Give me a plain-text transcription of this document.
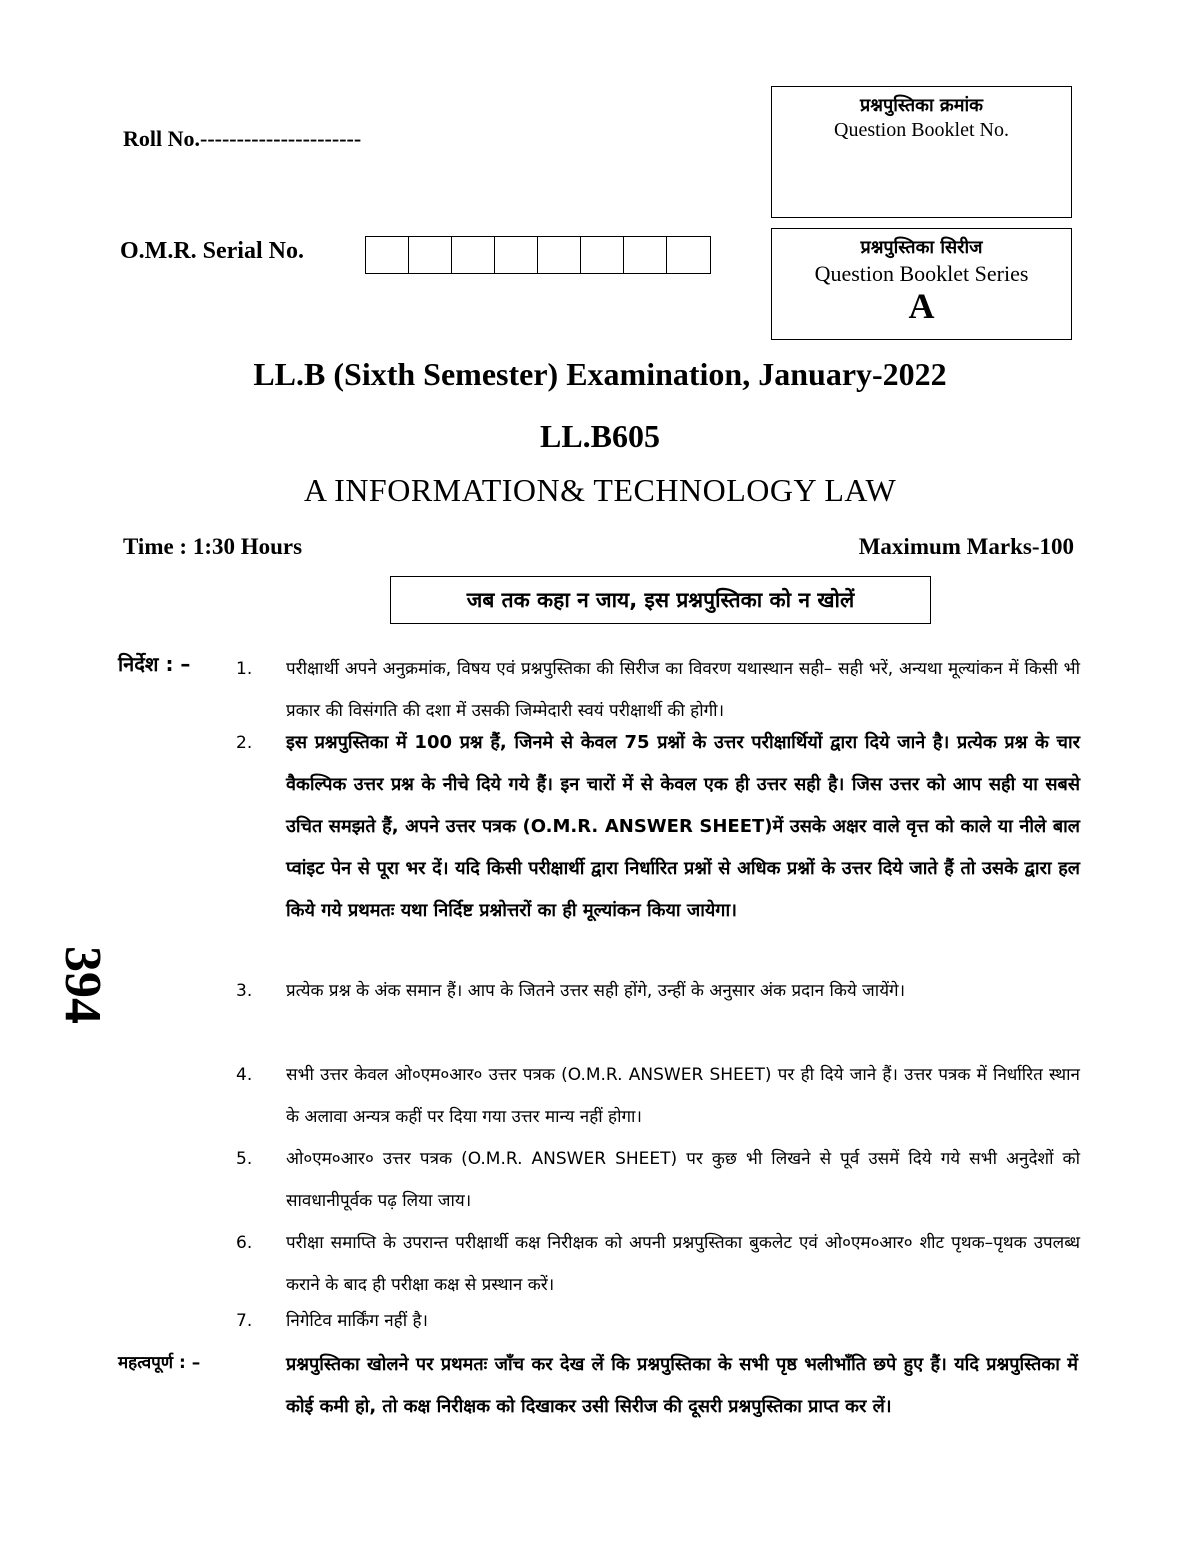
Roll No.----------------------
O.M.R. Serial No.
प्रश्नपुस्तिका क्रमांक
Question Booklet No.
प्रश्नपुस्तिका सिरीज
Question Booklet Series
A
LL.B (Sixth Semester) Examination, January-2022
LL.B605
A INFORMATION& TECHNOLOGY LAW
Time : 1:30 Hours	Maximum Marks-100
जब तक कहा न जाय, इस प्रश्नपुस्तिका को न खोलें
निर्देश : –
394
1.	परीक्षार्थी अपने अनुक्रमांक, विषय एवं प्रश्नपुस्तिका की सिरीज का विवरण यथास्थान सही– सही भरें, अन्यथा मूल्यांकन में किसी भी प्रकार की विसंगति की दशा में उसकी जिम्मेदारी स्वयं परीक्षार्थी की होगी।
2.	इस प्रश्नपुस्तिका में 100 प्रश्न हैं, जिनमे से केवल 75 प्रश्नों के उत्तर परीक्षार्थियों द्वारा दिये जाने है। प्रत्येक प्रश्न के चार वैकल्पिक उत्तर प्रश्न के नीचे दिये गये हैं। इन चारों में से केवल एक ही उत्तर सही है। जिस उत्तर को आप सही या सबसे उचित समझते हैं, अपने उत्तर पत्रक (O.M.R. ANSWER SHEET)में उसके अक्षर वाले वृत्त को काले या नीले बाल प्वांइट पेन से पूरा भर दें। यदि किसी परीक्षार्थी द्वारा निर्धारित प्रश्नों से अधिक प्रश्नों के उत्तर दिये जाते हैं तो उसके द्वारा हल किये गये प्रथमतः यथा निर्दिष्ट प्रश्नोत्तरों का ही मूल्यांकन किया जायेगा।
3.	प्रत्येक प्रश्न के अंक समान हैं। आप के जितने उत्तर सही होंगे, उन्हीं के अनुसार अंक प्रदान किये जायेंगे।
4.	सभी उत्तर केवल ओ०एम०आर० उत्तर पत्रक (O.M.R. ANSWER SHEET) पर ही दिये जाने हैं। उत्तर पत्रक में निर्धारित स्थान के अलावा अन्यत्र कहीं पर दिया गया उत्तर मान्य नहीं होगा।
5.	ओ०एम०आर० उत्तर पत्रक (O.M.R. ANSWER SHEET) पर कुछ भी लिखने से पूर्व उसमें दिये गये सभी अनुदेशों को सावधानीपूर्वक पढ़ लिया जाय।
6.	परीक्षा समाप्ति के उपरान्त परीक्षार्थी कक्ष निरीक्षक को अपनी प्रश्नपुस्तिका बुकलेट एवं ओ०एम०आर० शीट पृथक–पृथक उपलब्ध कराने के बाद ही परीक्षा कक्ष से प्रस्थान करें।
7.	निगेटिव मार्किंग नहीं है।
महत्वपूर्ण : –	प्रश्नपुस्तिका खोलने पर प्रथमतः जाँच कर देख लें कि प्रश्नपुस्तिका के सभी पृष्ठ भलीभाँति छपे हुए हैं। यदि प्रश्नपुस्तिका में कोई कमी हो, तो कक्ष निरीक्षक को दिखाकर उसी सिरीज की दूसरी प्रश्नपुस्तिका प्राप्त कर लें।
